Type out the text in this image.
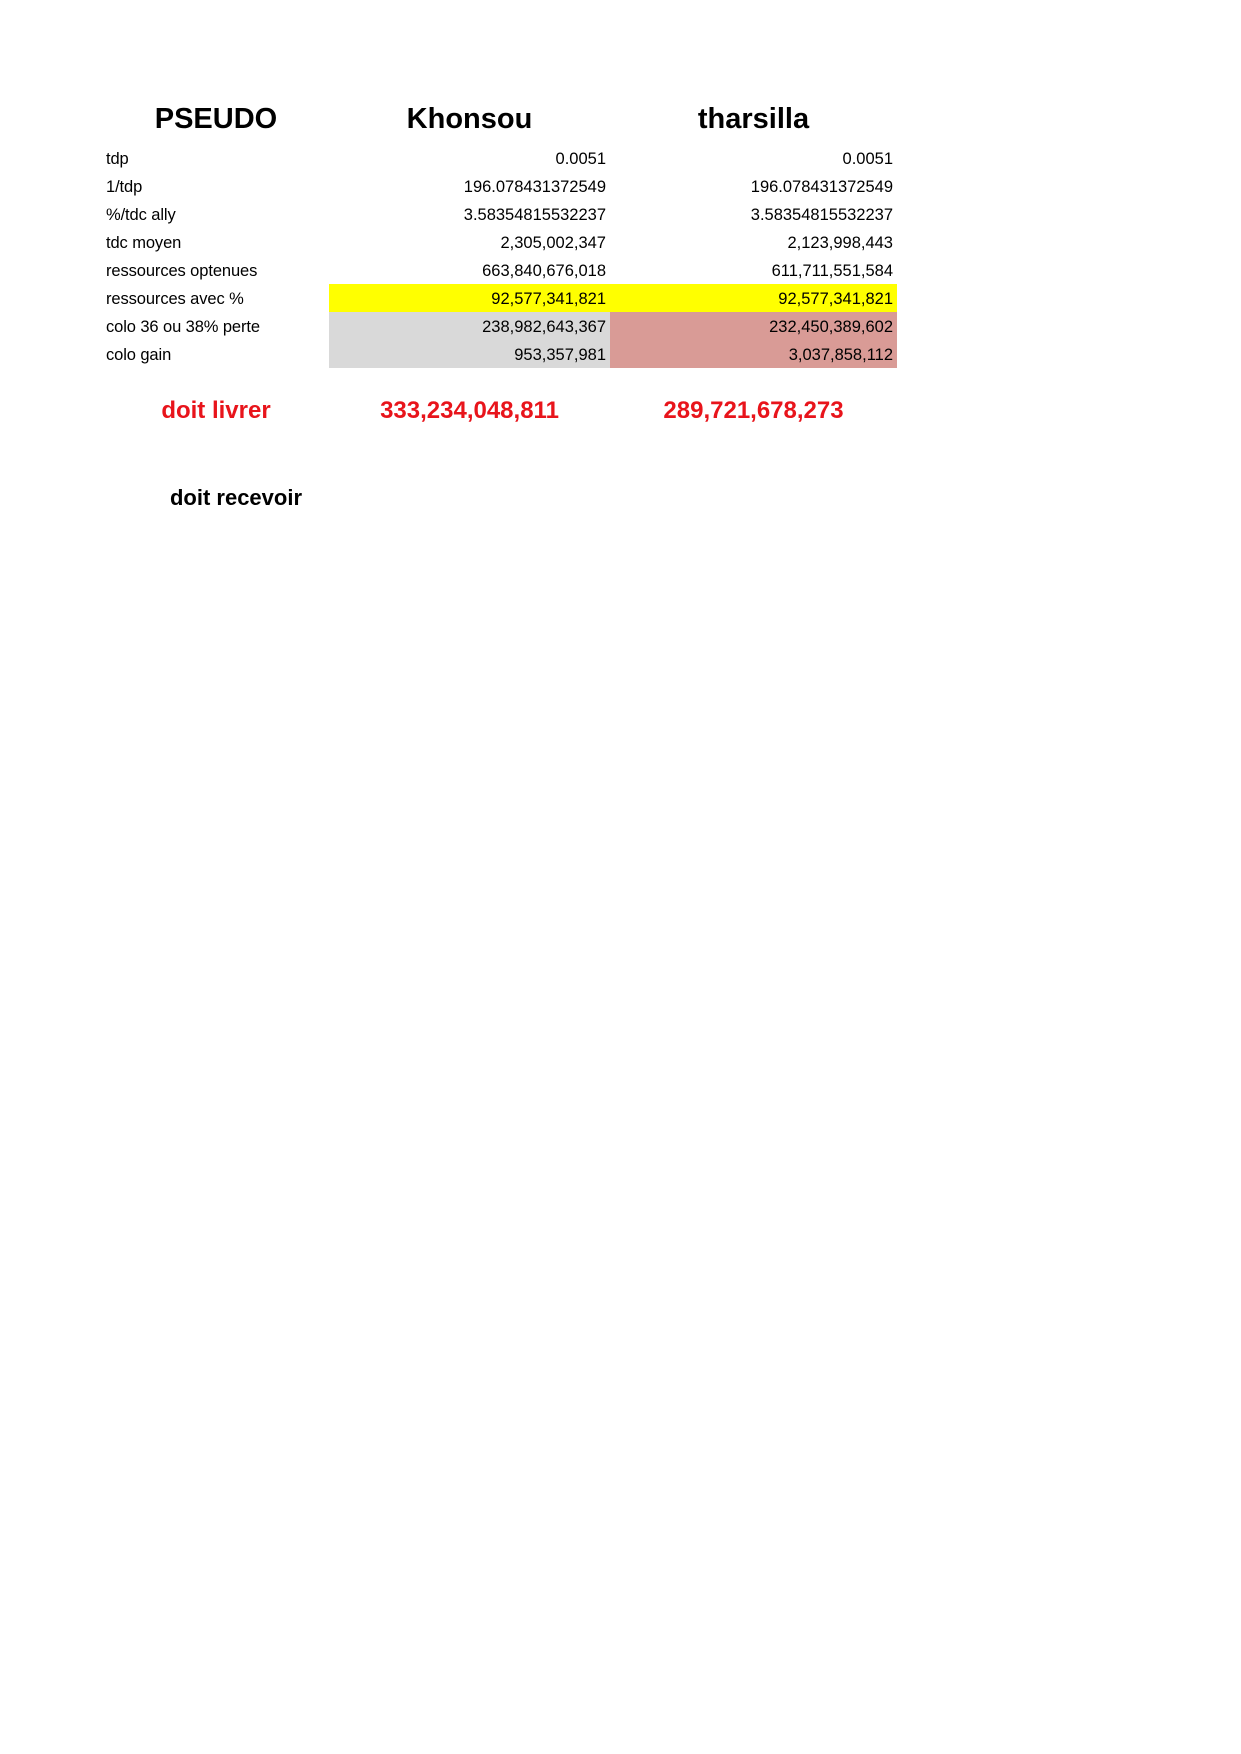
PSEUDO	Khonsou	tharsilla
tdp	0.0051	0.0051
1/tdp	196.078431372549	196.078431372549
%/tdc ally	3.58354815532237	3.58354815532237
tdc moyen	2,305,002,347	2,123,998,443
ressources optenues	663,840,676,018	611,711,551,584
ressources avec %	92,577,341,821	92,577,341,821
colo 36 ou 38% perte	238,982,643,367	232,450,389,602
colo gain	953,357,981	3,037,858,112
doit livrer	333,234,048,811	289,721,678,273
doit recevoir
